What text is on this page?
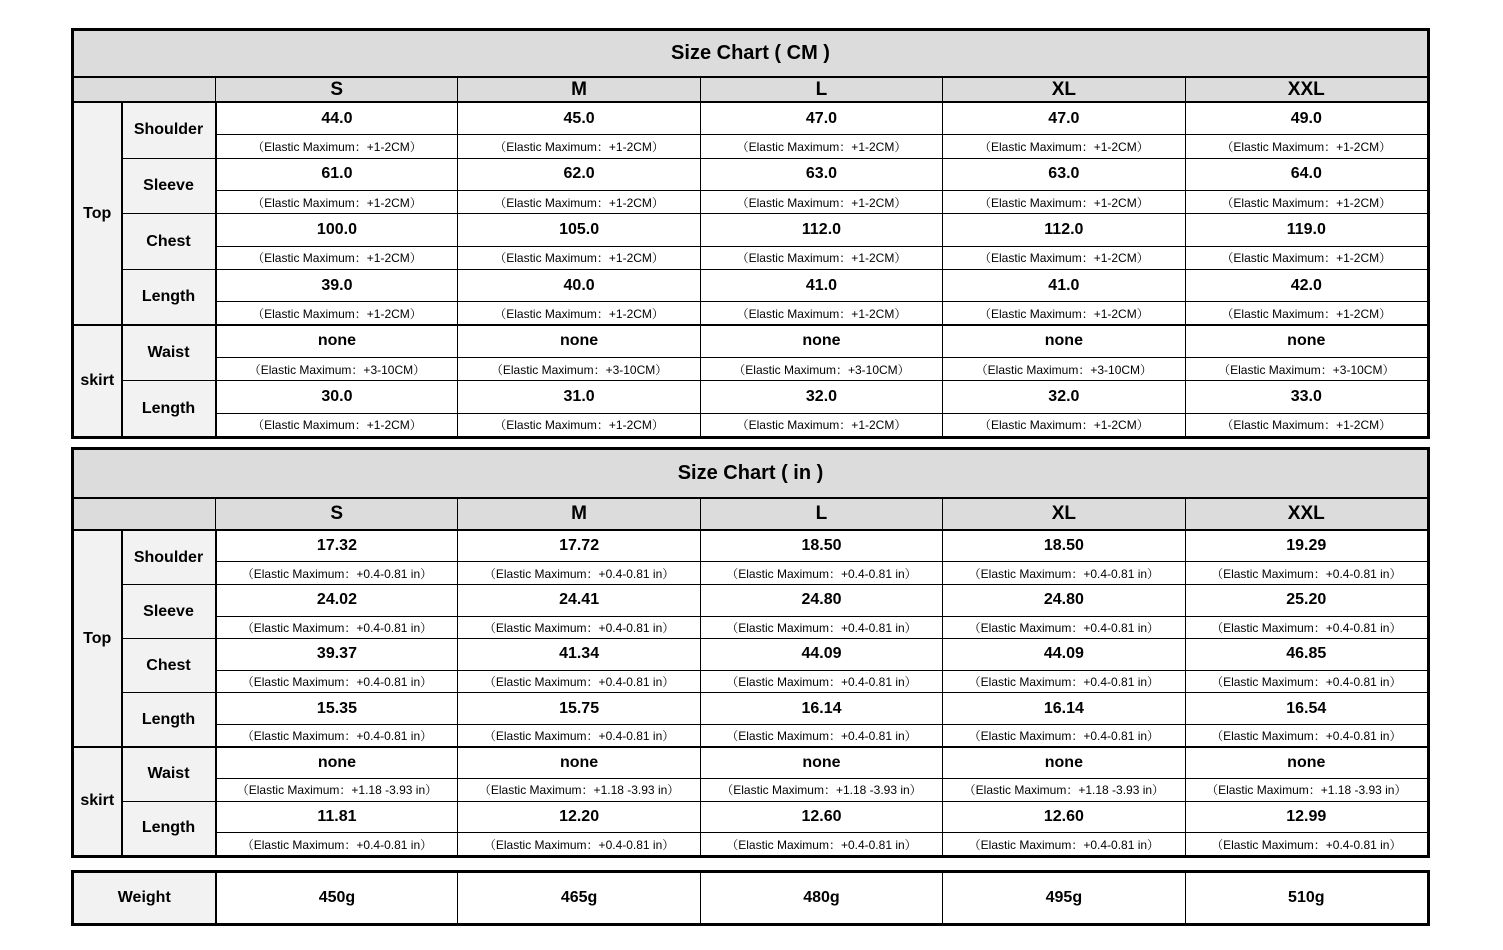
Size Chart ( CM )						
		S	M	L	XL	XXL
Top	Shoulder	44.0	45.0	47.0	47.0	49.0
		（Elastic Maximum：+1-2CM）	（Elastic Maximum：+1-2CM）	（Elastic Maximum：+1-2CM）	（Elastic Maximum：+1-2CM）	（Elastic Maximum：+1-2CM）
	Sleeve	61.0	62.0	63.0	63.0	64.0
		（Elastic Maximum：+1-2CM）	（Elastic Maximum：+1-2CM）	（Elastic Maximum：+1-2CM）	（Elastic Maximum：+1-2CM）	（Elastic Maximum：+1-2CM）
	Chest	100.0	105.0	112.0	112.0	119.0
		（Elastic Maximum：+1-2CM）	（Elastic Maximum：+1-2CM）	（Elastic Maximum：+1-2CM）	（Elastic Maximum：+1-2CM）	（Elastic Maximum：+1-2CM）
	Length	39.0	40.0	41.0	41.0	42.0
		（Elastic Maximum：+1-2CM）	（Elastic Maximum：+1-2CM）	（Elastic Maximum：+1-2CM）	（Elastic Maximum：+1-2CM）	（Elastic Maximum：+1-2CM）
skirt	Waist	none	none	none	none	none
		（Elastic Maximum：+3-10CM）	（Elastic Maximum：+3-10CM）	（Elastic Maximum：+3-10CM）	（Elastic Maximum：+3-10CM）	（Elastic Maximum：+3-10CM）
	Length	30.0	31.0	32.0	32.0	33.0
		（Elastic Maximum：+1-2CM）	（Elastic Maximum：+1-2CM）	（Elastic Maximum：+1-2CM）	（Elastic Maximum：+1-2CM）	（Elastic Maximum：+1-2CM）
Size Chart ( in )						
		S	M	L	XL	XXL
Top	Shoulder	17.32	17.72	18.50	18.50	19.29
		（Elastic Maximum：+0.4-0.81 in）	（Elastic Maximum：+0.4-0.81 in）	（Elastic Maximum：+0.4-0.81 in）	（Elastic Maximum：+0.4-0.81 in）	（Elastic Maximum：+0.4-0.81 in）
	Sleeve	24.02	24.41	24.80	24.80	25.20
		（Elastic Maximum：+0.4-0.81 in）	（Elastic Maximum：+0.4-0.81 in）	（Elastic Maximum：+0.4-0.81 in）	（Elastic Maximum：+0.4-0.81 in）	（Elastic Maximum：+0.4-0.81 in）
	Chest	39.37	41.34	44.09	44.09	46.85
		（Elastic Maximum：+0.4-0.81 in）	（Elastic Maximum：+0.4-0.81 in）	（Elastic Maximum：+0.4-0.81 in）	（Elastic Maximum：+0.4-0.81 in）	（Elastic Maximum：+0.4-0.81 in）
	Length	15.35	15.75	16.14	16.14	16.54
		（Elastic Maximum：+0.4-0.81 in）	（Elastic Maximum：+0.4-0.81 in）	（Elastic Maximum：+0.4-0.81 in）	（Elastic Maximum：+0.4-0.81 in）	（Elastic Maximum：+0.4-0.81 in）
skirt	Waist	none	none	none	none	none
		（Elastic Maximum：+1.18 -3.93 in）	（Elastic Maximum：+1.18 -3.93 in）	（Elastic Maximum：+1.18 -3.93 in）	（Elastic Maximum：+1.18 -3.93 in）	（Elastic Maximum：+1.18 -3.93 in）
	Length	11.81	12.20	12.60	12.60	12.99
		（Elastic Maximum：+0.4-0.81 in）	（Elastic Maximum：+0.4-0.81 in）	（Elastic Maximum：+0.4-0.81 in）	（Elastic Maximum：+0.4-0.81 in）	（Elastic Maximum：+0.4-0.81 in）
Weight	450g	465g	480g	495g	510g
